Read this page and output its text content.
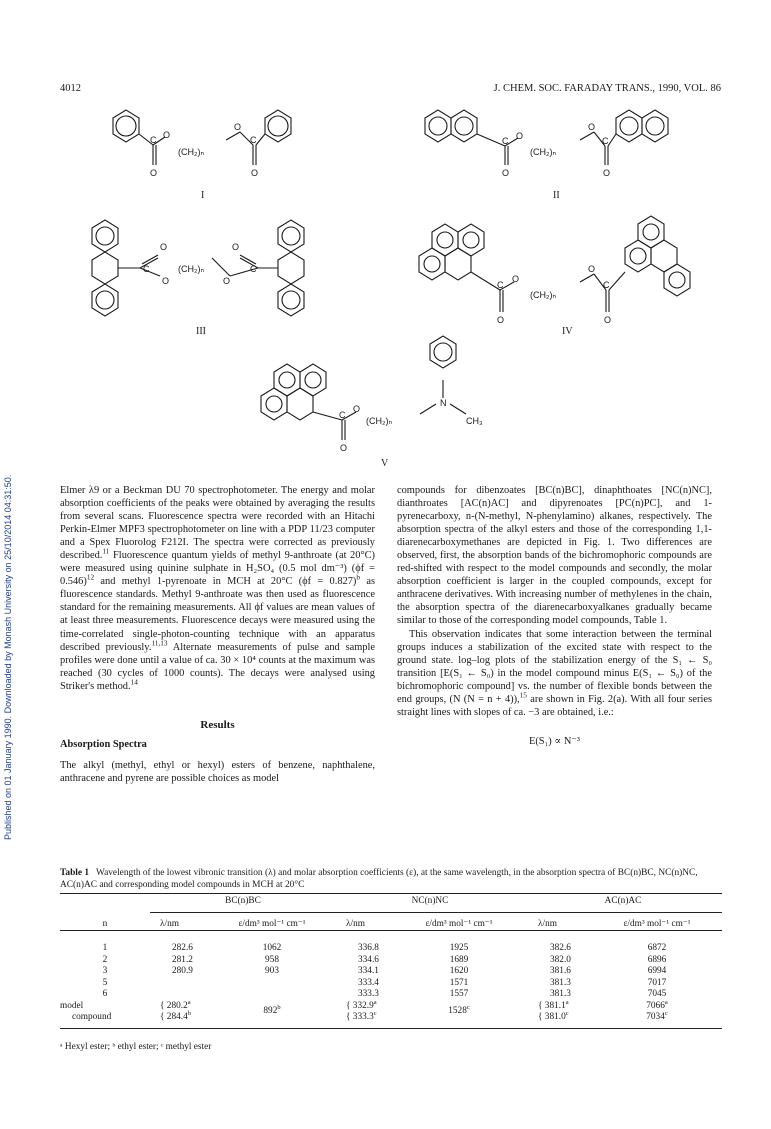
4012	J. CHEM. SOC. FARADAY TRANS., 1990, VOL. 86
Published on 01 January 1990. Downloaded by Monash University on 25/10/2014 04:31:50.
C O
O
(CH₂)ₙ
O
C
O
C O
O
(CH₂)ₙ
O
C
O
O
C
O
(CH₂)ₙ
O
O
C
C
O
O
(CH₂)ₙ
O
C
O
C
O
O
(CH₂)ₙ
N
CH₃
I	II
III	IV
V

Elmer λ9 or a Beckman DU 70 spectrophotometer. The energy and molar absorption coefficients of the peaks were obtained by averaging the results from several scans. Fluorescence spectra were recorded with an Hitachi Perkin-Elmer MPF3 spectrophotometer on line with a PDP 11/23 computer and a Spex Fluorolog F212I. The spectra were corrected as previously described.$^{11}$ Fluorescence quantum yields of methyl 9-anthroate (at 20°C) were measured using quinine sulphate in H₂SO₄ (0.5 mol dm⁻³) (ϕf = 0.546)$^{12}$ and methyl 1-pyrenoate in MCH at 20°C (ϕf = 0.827)$^b$ as fluorescence standards. Methyl 9-anthroate was then used as fluorescence standard for the remaining measurements. All ϕf values are mean values of at least three measurements. Fluorescence decays were measured using the time-correlated single-photon-counting technique with an apparatus described previously.$^{11,13}$ Alternate measurements of pulse and sample profiles were done until a value of ca. 30 × 10⁴ counts at the maximum was reached (30 cycles of 1000 counts). The decays were analysed using Striker's method.$^{14}$

Results
Absorption Spectra

The alkyl (methyl, ethyl or hexyl) esters of benzene, naphthalene, anthracene and pyrene are possible choices as model

compounds for dibenzoates [BC(n)BC], dinaphthoates [NC(n)NC], dianthroates [AC(n)AC] and dipyrenoates [PC(n)PC], and 1-pyrenecarboxy, n-(N-methyl, N-phenylamino) alkanes, respectively. The absorption spectra of the alkyl esters and those of the corresponding 1,1-diarenecarboxymethanes are depicted in Fig. 1. Two differences are observed, first, the absorption bands of the bichromophoric compounds are red-shifted with respect to the model compounds and secondly, the molar absorption coefficient is larger in the coupled compounds, except for anthracene derivatives. With increasing number of methylenes in the chain, the absorption spectra of the diarenecarboxyalkanes gradually became similar to those of the corresponding model compounds, Table 1.

This observation indicates that some interaction between the terminal groups induces a stabilization of the excited state with respect to the ground state. log–log plots of the stabilization energy of the S₁ ← S₀ transition [E(S₁ ← S₀) in the model compound minus E(S₁ ← S₀) of the bichromophoric compound] vs. the number of flexible bonds between the end groups, (N (N = n + 4)),$^{15}$ are shown in Fig. 2(a). With all four series straight lines with slopes of ca. −3 are obtained, i.e.:

E(S₁) ∝ N⁻³
Table 1 Wavelength of the lowest vibronic transition (λ) and molar absorption coefficients (ε), at the same wavelength, in the absorption spectra of BC(n)BC, NC(n)NC, AC(n)AC and corresponding model compounds in MCH at 20°C
	BC(n)BC		NC(n)NC		AC(n)AC	
n	λ/nm	ε/dm³ mol⁻¹ cm⁻¹	λ/nm	ε/dm³ mol⁻¹ cm⁻¹	λ/nm	ε/dm³ mol⁻¹ cm⁻¹

1	282.6	1062	336.8	1925	382.6	6872
2	281.2	958	334.6	1689	382.0	6896
3	280.9	903	334.1	1620	381.6	6994
5			333.4	1571	381.3	7017
6			333.3	1557	381.3	7045
model	{ 280.2$^a$	892$^b$	{ 332.9$^a$	1528$^c$	{ 381.1$^a$	7066$^a$
compound	{ 284.4$^b$		{ 333.3$^c$		{ 381.0$^c$	7034$^c$
ᵃ Hexyl ester; ᵇ ethyl ester; ᶜ methyl ester
